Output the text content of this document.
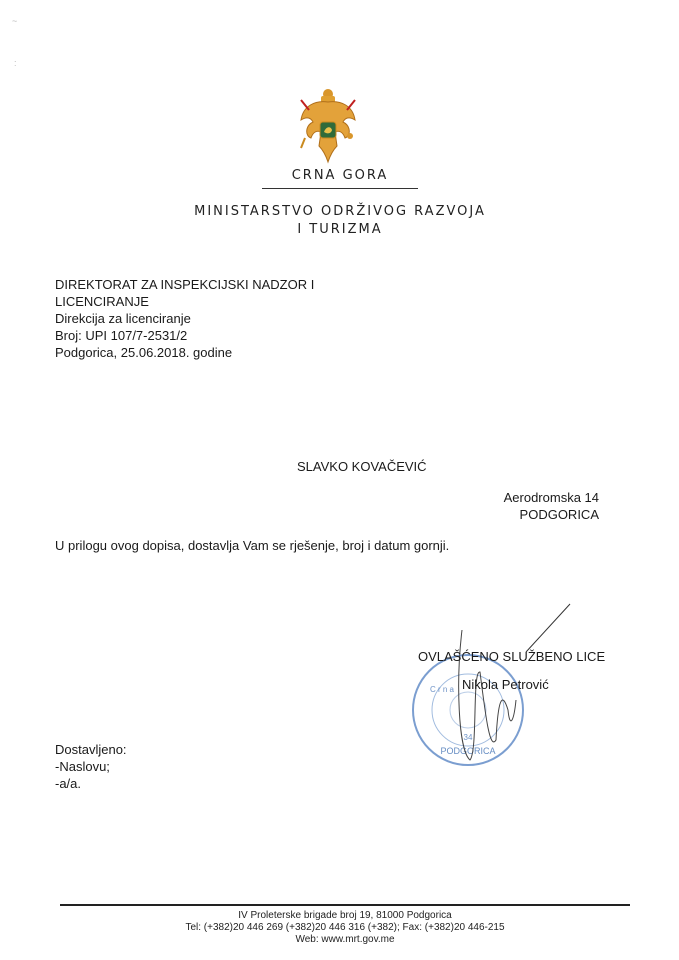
~
:
CRNA GORA
MINISTARSTVO ODRŽIVOG RAZVOJA
I TURIZMA
DIREKTORAT ZA INSPEKCIJSKI NADZOR I
LICENCIRANJE
Direkcija za licenciranje
Broj: UPI 107/7-2531/2
Podgorica, 25.06.2018. godine
SLAVKO KOVAČEVIĆ
Aerodromska 14
PODGORICA
U prilogu ovog dopisa, dostavlja Vam se rješenje, broj i datum gornji.
PODGORICA
34
C r n a
OVLAŠĆENO SLUŽBENO LICE
Nikola Petrović
Dostavljeno:
-Naslovu;
-a/a.
IV Proleterske brigade broj 19, 81000 Podgorica
Tel: (+382)20 446 269 (+382)20 446 316 (+382); Fax: (+382)20 446-215
Web: www.mrt.gov.me
